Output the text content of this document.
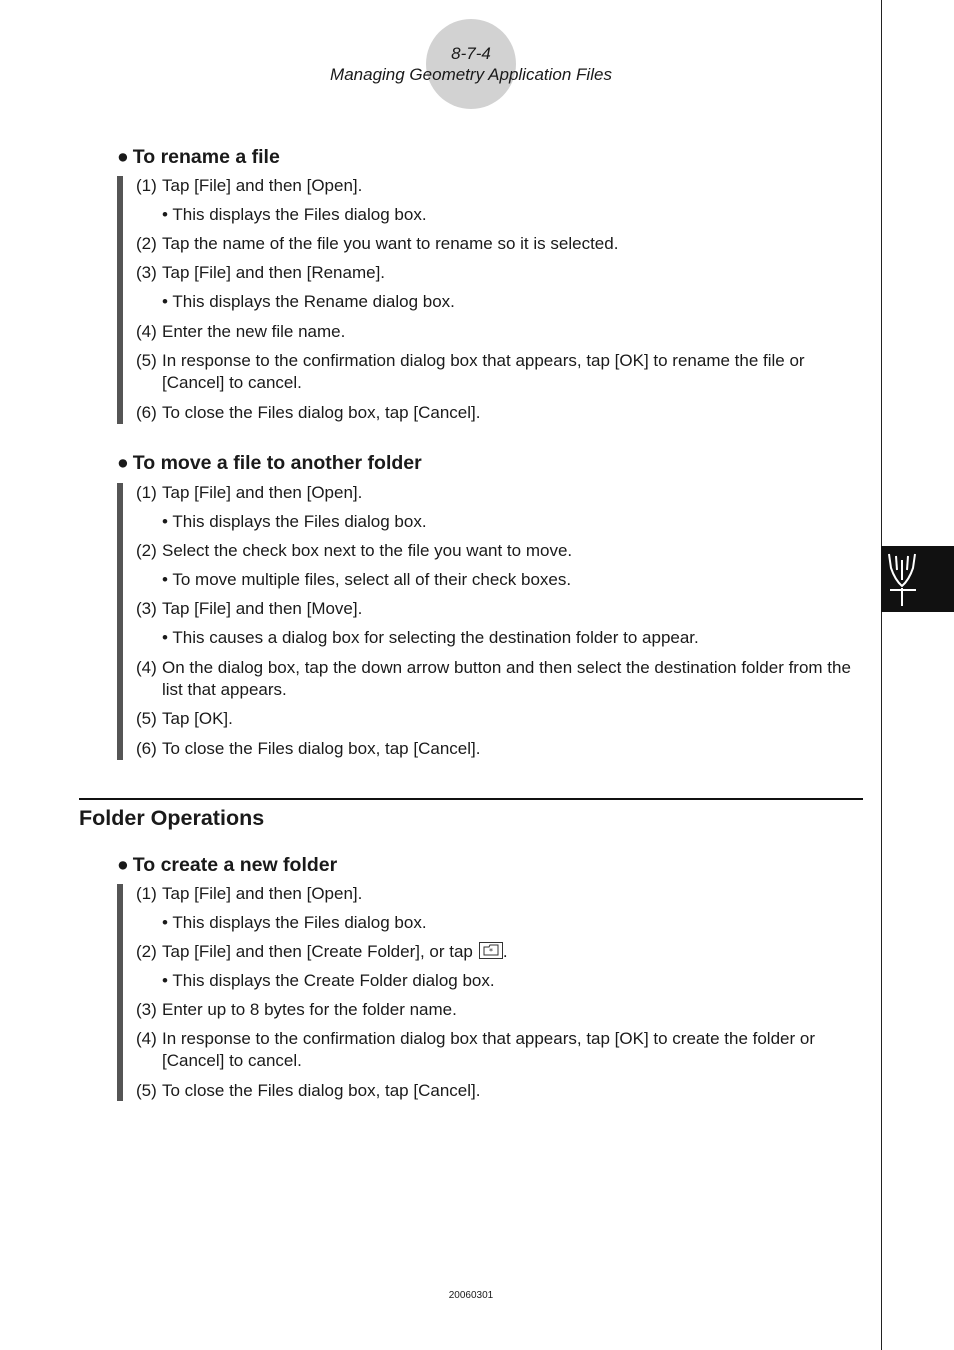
8-7-4
Managing Geometry Application Files
● To rename a file
(1) Tap [File] and then [Open].
• This displays the Files dialog box.
(2) Tap the name of the file you want to rename so it is selected.
(3) Tap [File] and then [Rename].
• This displays the Rename dialog box.
(4) Enter the new file name.
(5) In response to the confirmation dialog box that appears, tap [OK] to rename the file or [Cancel] to cancel.
(6) To close the Files dialog box, tap [Cancel].
● To move a file to another folder
(1) Tap [File] and then [Open].
• This displays the Files dialog box.
(2) Select the check box next to the file you want to move.
• To move multiple files, select all of their check boxes.
(3) Tap [File] and then [Move].
• This causes a dialog box for selecting the destination folder to appear.
(4) On the dialog box, tap the down arrow button and then select the destination folder from the list that appears.
(5) Tap [OK].
(6) To close the Files dialog box, tap [Cancel].
Folder Operations
● To create a new folder
(1) Tap [File] and then [Open].
• This displays the Files dialog box.
(2) Tap [File] and then [Create Folder], or tap * .
• This displays the Create Folder dialog box.
(3) Enter up to 8 bytes for the folder name.
(4) In response to the confirmation dialog box that appears, tap [OK] to create the folder or [Cancel] to cancel.
(5) To close the Files dialog box, tap [Cancel].
20060301
